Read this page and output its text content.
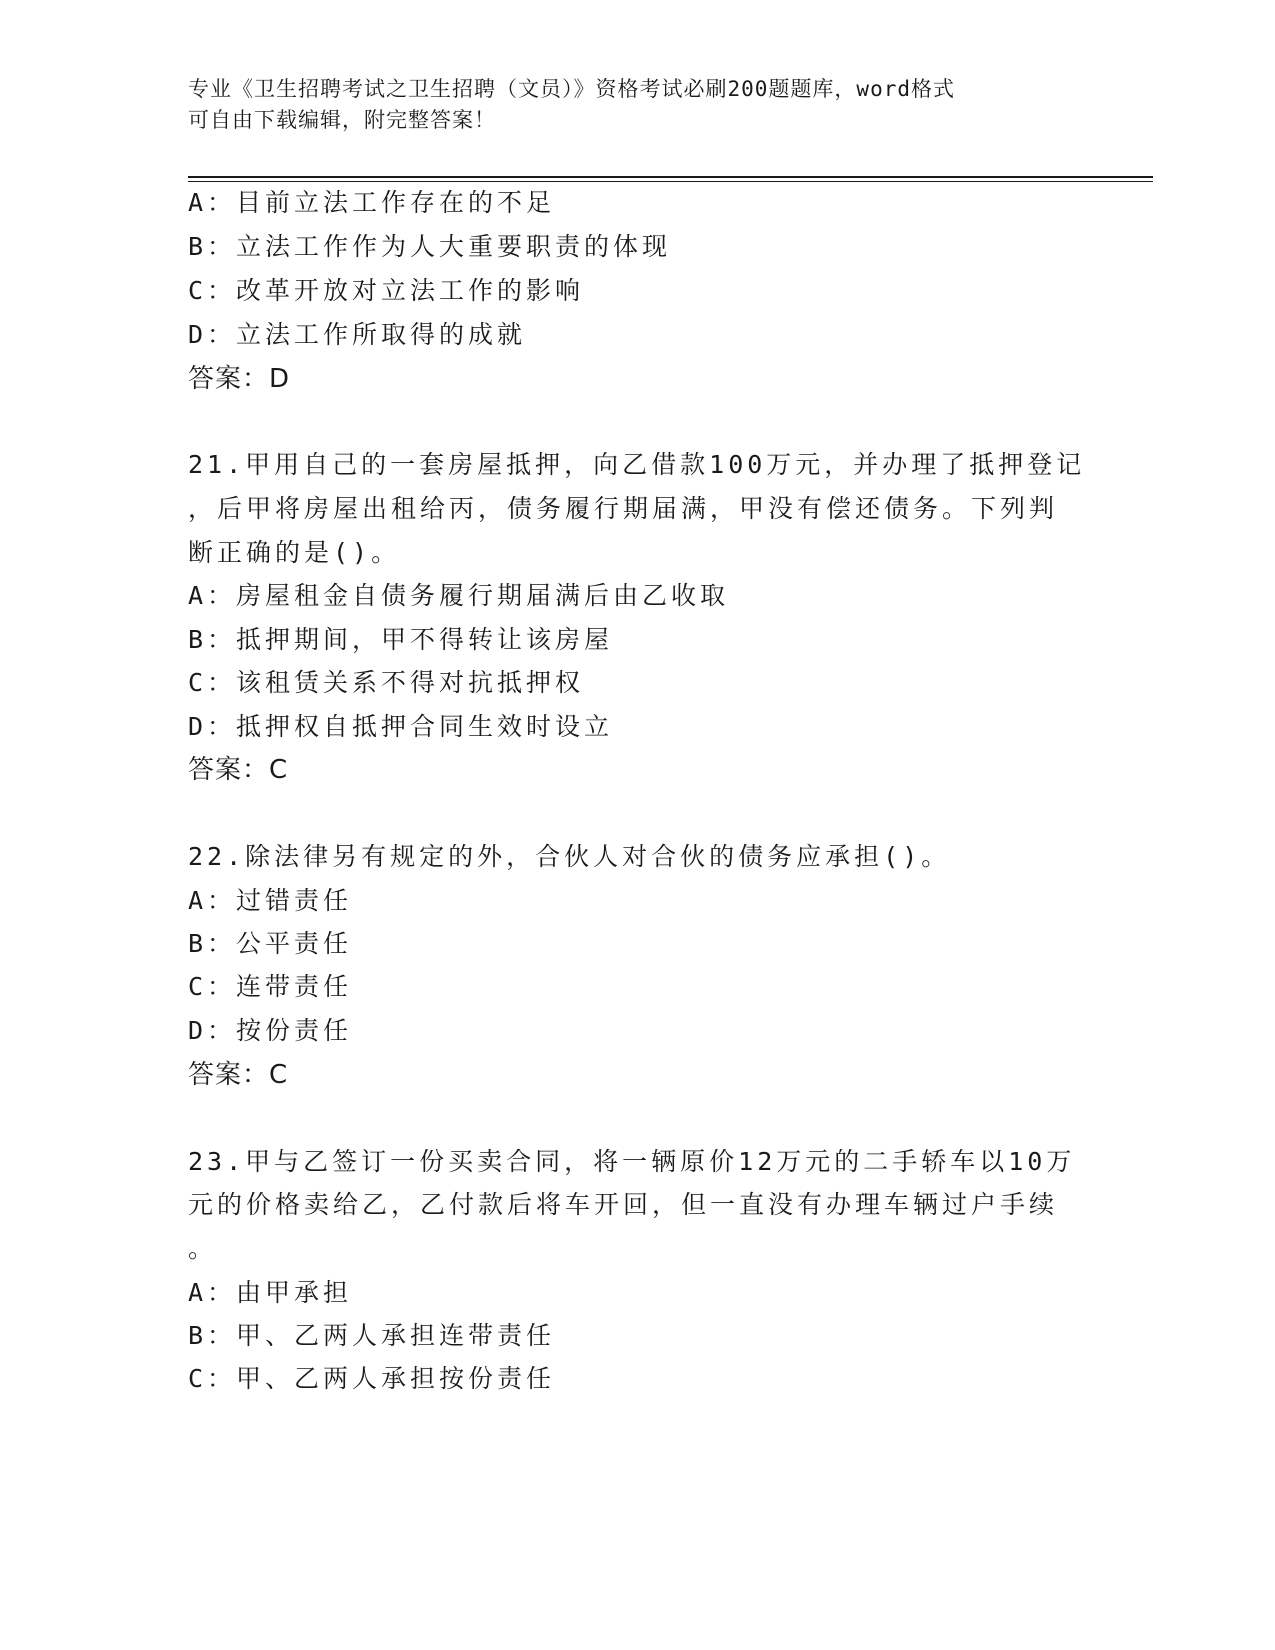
专业《卫生招聘考试之卫生招聘（文员）》资格考试必刷200题题库，word格式
可自由下载编辑，附完整答案！
A：目前立法工作存在的不足
B：立法工作作为人大重要职责的体现
C：改革开放对立法工作的影响
D：立法工作所取得的成就
答案：D
21.甲用自己的一套房屋抵押，向乙借款100万元，并办理了抵押登记
，后甲将房屋出租给丙，债务履行期届满，甲没有偿还债务。下列判
断正确的是()。
A：房屋租金自债务履行期届满后由乙收取
B：抵押期间，甲不得转让该房屋
C：该租赁关系不得对抗抵押权
D：抵押权自抵押合同生效时设立
答案：C
22.除法律另有规定的外，合伙人对合伙的债务应承担()。
A：过错责任
B：公平责任
C：连带责任
D：按份责任
答案：C
23.甲与乙签订一份买卖合同，将一辆原价12万元的二手轿车以10万
元的价格卖给乙，乙付款后将车开回，但一直没有办理车辆过户手续
。
A：由甲承担
B：甲、乙两人承担连带责任
C：甲、乙两人承担按份责任
